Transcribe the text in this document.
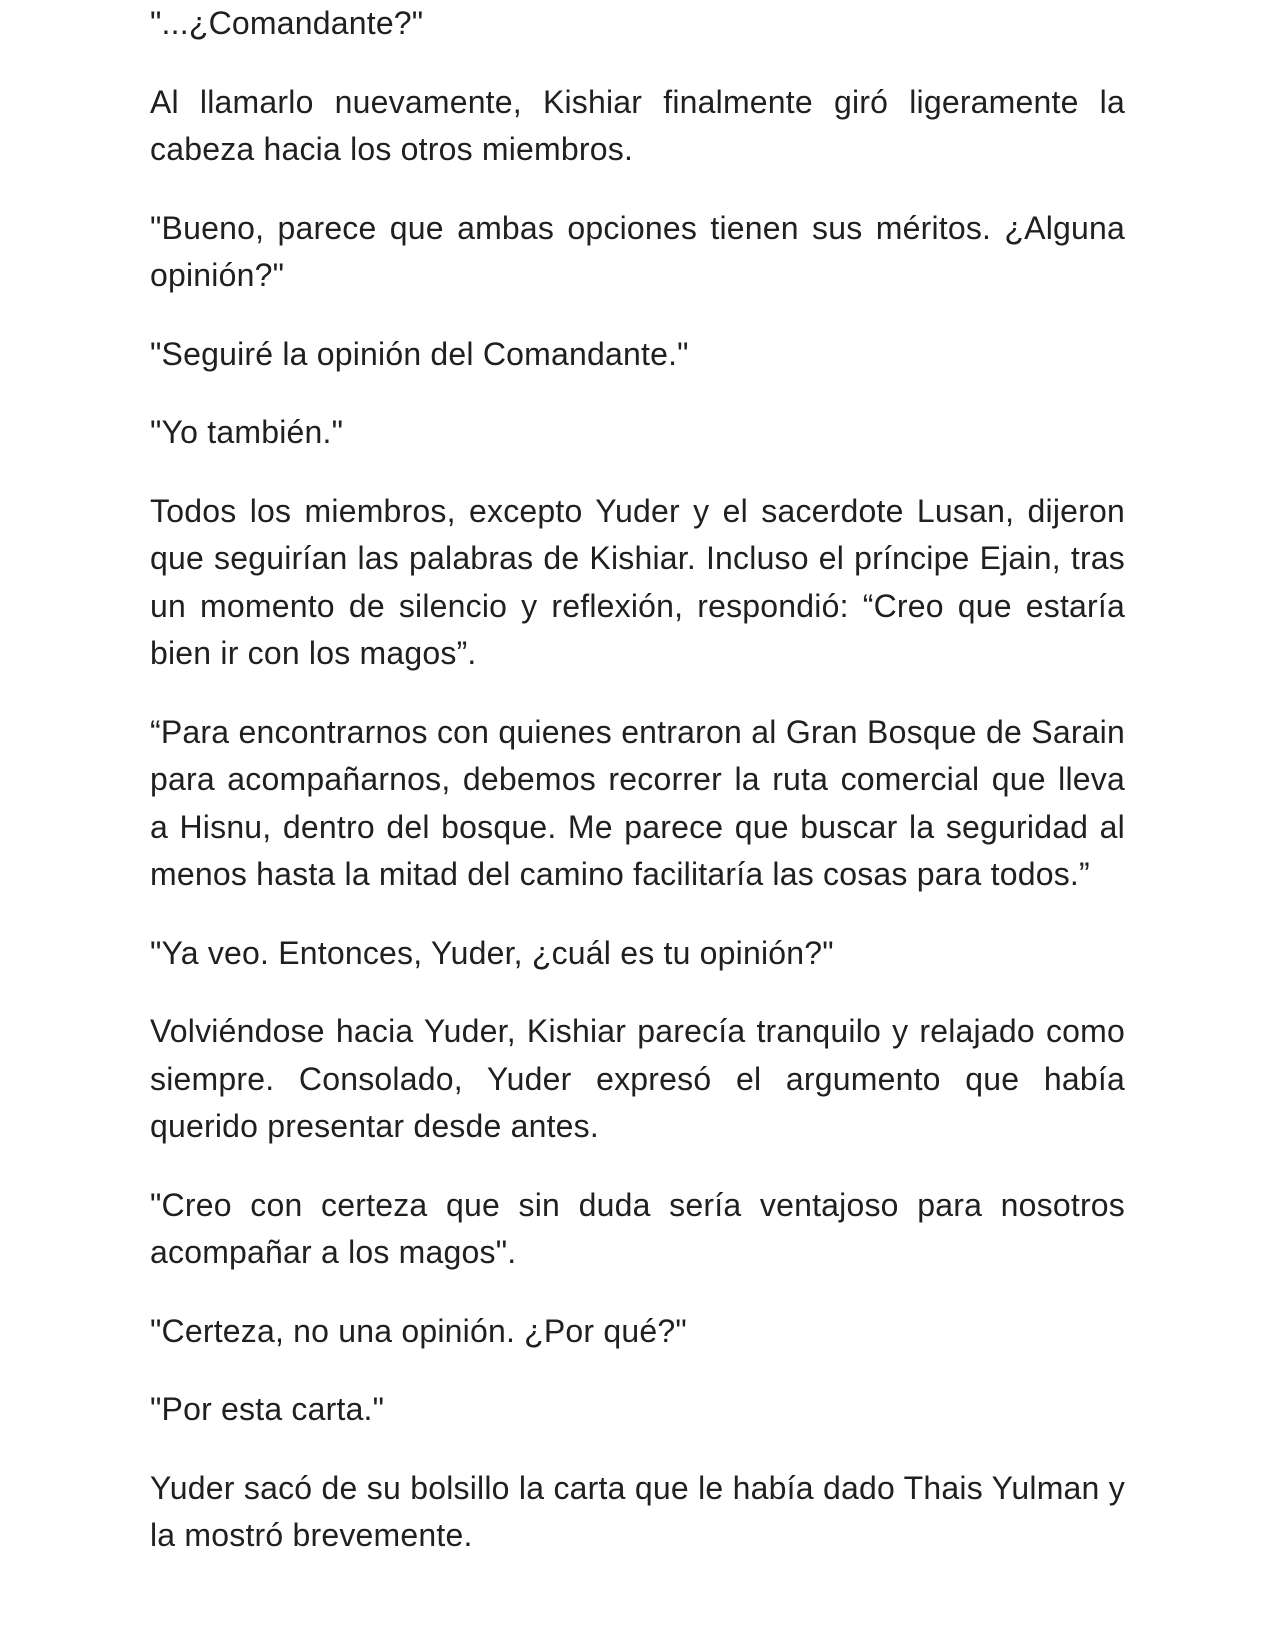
"...¿Comandante?"

Al llamarlo nuevamente, Kishiar finalmente giró ligeramente la cabeza hacia los otros miembros.

"Bueno, parece que ambas opciones tienen sus méritos. ¿Alguna opinión?"

"Seguiré la opinión del Comandante."

"Yo también."

Todos los miembros, excepto Yuder y el sacerdote Lusan, dijeron que seguirían las palabras de Kishiar. Incluso el príncipe Ejain, tras un momento de silencio y reflexión, respondió: “Creo que estaría bien ir con los magos”.

“Para encontrarnos con quienes entraron al Gran Bosque de Sarain para acompañarnos, debemos recorrer la ruta comercial que lleva a Hisnu, dentro del bosque. Me parece que buscar la seguridad al menos hasta la mitad del camino facilitaría las cosas para todos.”

"Ya veo. Entonces, Yuder, ¿cuál es tu opinión?"

Volviéndose hacia Yuder, Kishiar parecía tranquilo y relajado como siempre. Consolado, Yuder expresó el argumento que había querido presentar desde antes.

"Creo con certeza que sin duda sería ventajoso para nosotros acompañar a los magos".

"Certeza, no una opinión. ¿Por qué?"

"Por esta carta."

Yuder sacó de su bolsillo la carta que le había dado Thais Yulman y la mostró brevemente.
